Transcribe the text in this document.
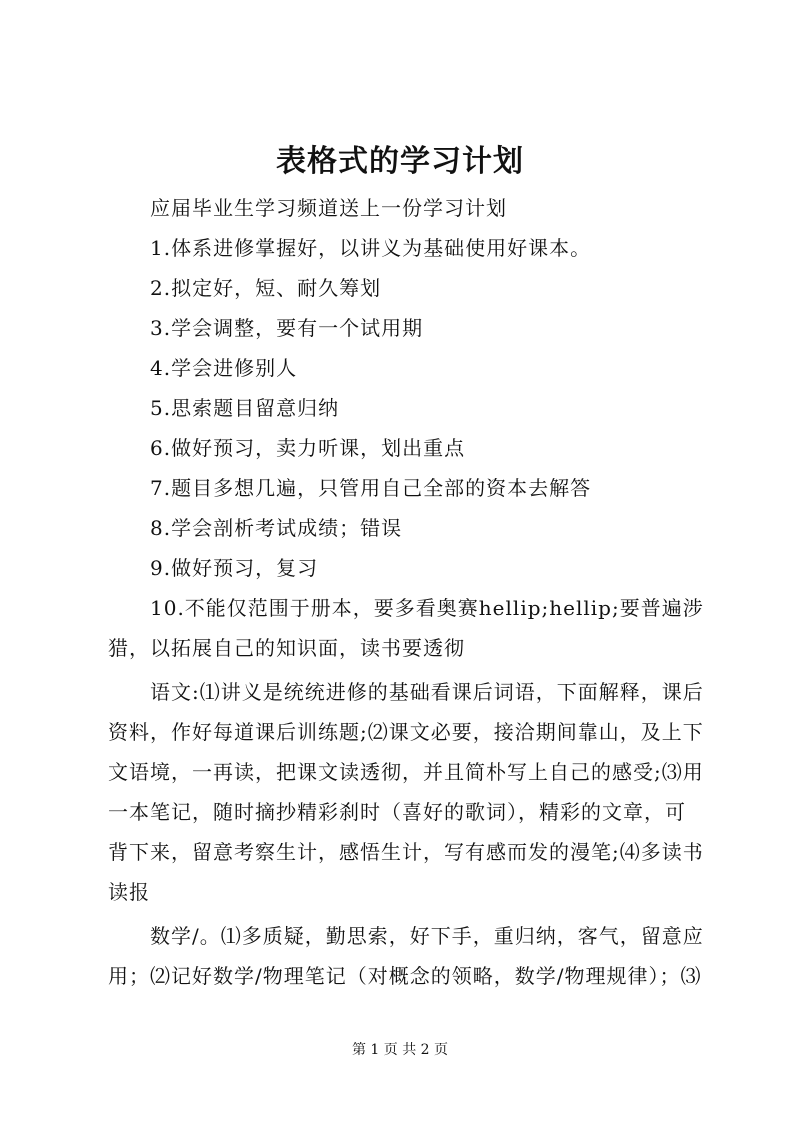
表格式的学习计划

应届毕业生学习频道送上一份学习计划

1.体系进修掌握好，以讲义为基础使用好课本。

2.拟定好，短、耐久筹划

3.学会调整，要有一个试用期

4.学会进修别人

5.思索题目留意归纳

6.做好预习，卖力听课，划出重点

7.题目多想几遍，只管用自己全部的资本去解答

8.学会剖析考试成绩；错误

9.做好预习，复习

10.不能仅范围于册本，要多看奥赛hellip;hellip;要普遍涉猎，以拓展自己的知识面，读书要透彻

语文:⑴讲义是统统进修的基础看课后词语，下面解释，课后资料，作好每道课后训练题;⑵课文必要，接洽期间靠山，及上下文语境，一再读，把课文读透彻，并且简朴写上自己的感受;⑶用一本笔记，随时摘抄精彩刹时（喜好的歌词），精彩的文章，可背下来，留意考察生计，感悟生计，写有感而发的漫笔;⑷多读书读报

数学/。⑴多质疑，勤思索，好下手，重归纳，客气，留意应用；⑵记好数学/物理笔记（对概念的领略，数学/物理规律）；⑶

第 1 页 共 2 页
